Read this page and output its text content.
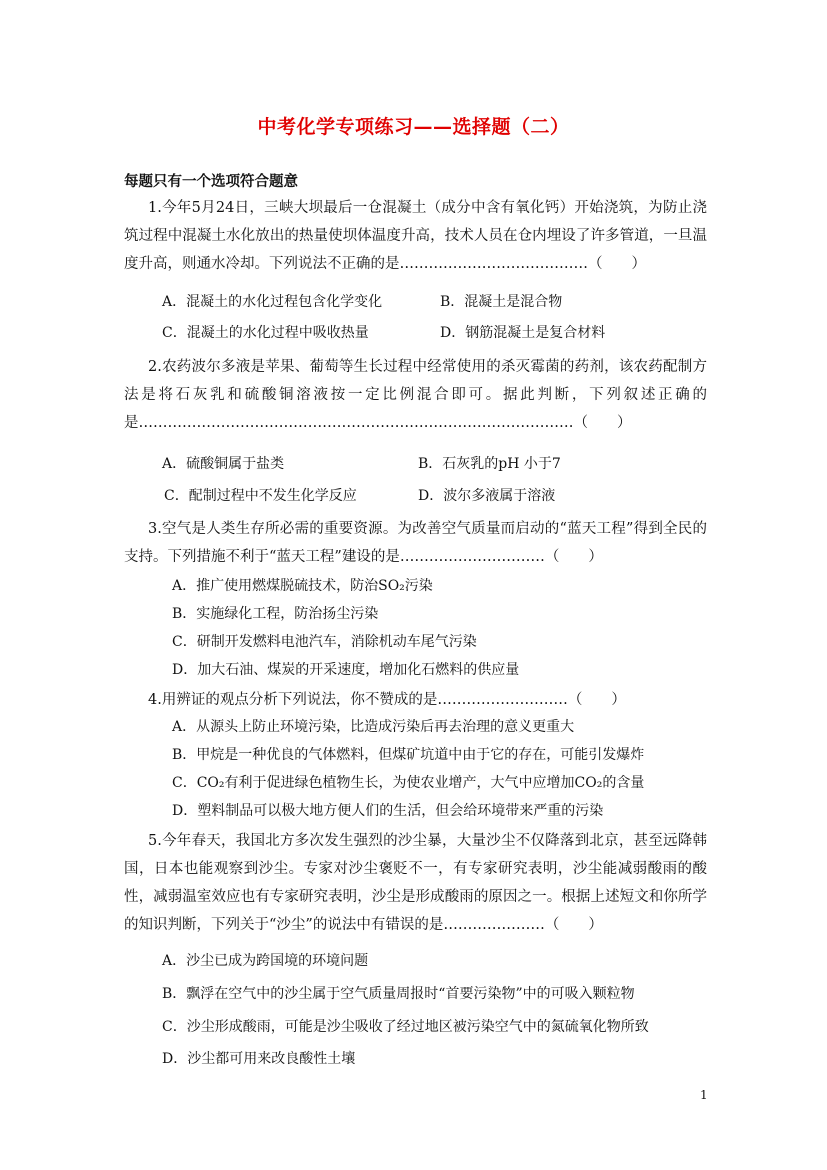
中考化学专项练习——选择题（二）
每题只有一个选项符合题意
1.今年5月24日，三峡大坝最后一仓混凝土（成分中含有氧化钙）开始浇筑，为防止浇筑过程中混凝土水化放出的热量使坝体温度升高，技术人员在仓内埋设了许多管道，一旦温度升高，则通水冷却。下列说法不正确的是…………………………………（　　）
A．混凝土的水化过程包含化学变化	B．混凝土是混合物
C．混凝土的水化过程中吸收热量	D．钢筋混凝土是复合材料
2.农药波尔多液是苹果、葡萄等生长过程中经常使用的杀灭霉菌的药剂，该农药配制方法是将石灰乳和硫酸铜溶液按一定比例混合即可。据此判断，下列叙述正确的是………………………………………………………………………………（　　）
A．硫酸铜属于盐类	B．石灰乳的pH 小于7
C．配制过程中不发生化学反应	D．波尔多液属于溶液
3.空气是人类生存所必需的重要资源。为改善空气质量而启动的“蓝天工程”得到全民的支持。下列措施不利于“蓝天工程”建设的是…………………………（　　）
A．推广使用燃煤脱硫技术，防治SO₂污染
B．实施绿化工程，防治扬尘污染
C．研制开发燃料电池汽车，消除机动车尾气污染
D．加大石油、煤炭的开采速度，增加化石燃料的供应量
4.用辨证的观点分析下列说法，你不赞成的是………………………（　　）
A．从源头上防止环境污染，比造成污染后再去治理的意义更重大
B．甲烷是一种优良的气体燃料，但煤矿坑道中由于它的存在，可能引发爆炸
C．CO₂有利于促进绿色植物生长，为使农业增产，大气中应增加CO₂的含量
D．塑料制品可以极大地方便人们的生活，但会给环境带来严重的污染
5.今年春天，我国北方多次发生强烈的沙尘暴，大量沙尘不仅降落到北京，甚至远降韩国，日本也能观察到沙尘。专家对沙尘褒贬不一，有专家研究表明，沙尘能减弱酸雨的酸性，减弱温室效应也有专家研究表明，沙尘是形成酸雨的原因之一。根据上述短文和你所学的知识判断，下列关于“沙尘”的说法中有错误的是…………………（　　）
A．沙尘已成为跨国境的环境问题
B．飘浮在空气中的沙尘属于空气质量周报时“首要污染物”中的可吸入颗粒物
C．沙尘形成酸雨，可能是沙尘吸收了经过地区被污染空气中的氮硫氧化物所致
D．沙尘都可用来改良酸性土壤
1
